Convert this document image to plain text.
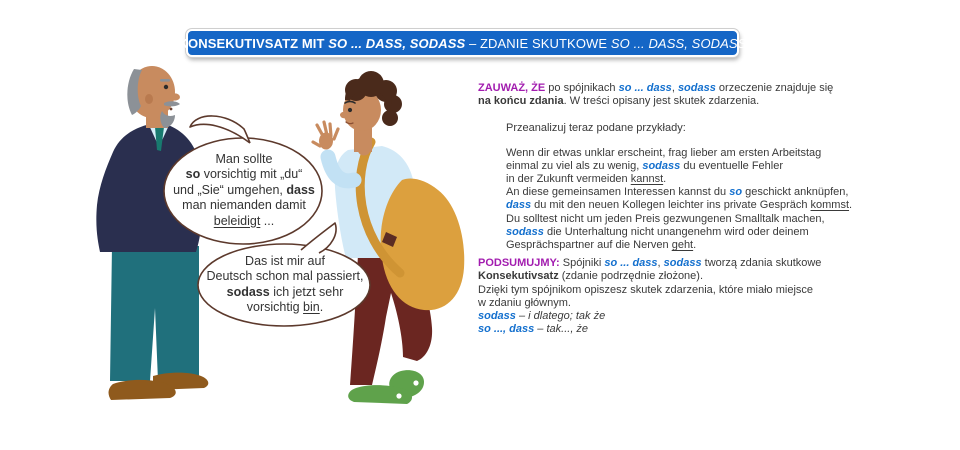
Man sollte
so vorsichtig mit „du“
und „Sie“ umgehen, dass
man niemanden damit
beleidigt ...
Das ist mir auf
Deutsch schon mal passiert,
sodass ich jetzt sehr
vorsichtig bin.
KONSEKUTIVSATZ MIT SO ... DASS, SODASS – ZDANIE SKUTKOWE SO ... DASS, SODASS
ZAUWAŻ, ŻE po spójnikach so ... dass, sodass orzeczenie znajduje się
na końcu zdania. W treści opisany jest skutek zdarzenia.
Przeanalizuj teraz podane przykłady:
Wenn dir etwas unklar erscheint, frag lieber am ersten Arbeitstag
einmal zu viel als zu wenig, sodass du eventuelle Fehler
in der Zukunft vermeiden kannst.
An diese gemeinsamen Interessen kannst du so geschickt anknüpfen,
dass du mit den neuen Kollegen leichter ins private Gespräch kommst.
Du solltest nicht um jeden Preis gezwungenen Smalltalk machen,
sodass die Unterhaltung nicht unangenehm wird oder deinem
Gesprächspartner auf die Nerven geht.
PODSUMUJMY: Spójniki so ... dass, sodass tworzą zdania skutkowe
Konsekutivsatz (zdanie podrzędnie złożone).
Dzięki tym spójnikom opiszesz skutek zdarzenia, które miało miejsce
w zdaniu głównym.
sodass – i dlatego; tak że
so ..., dass – tak..., że
